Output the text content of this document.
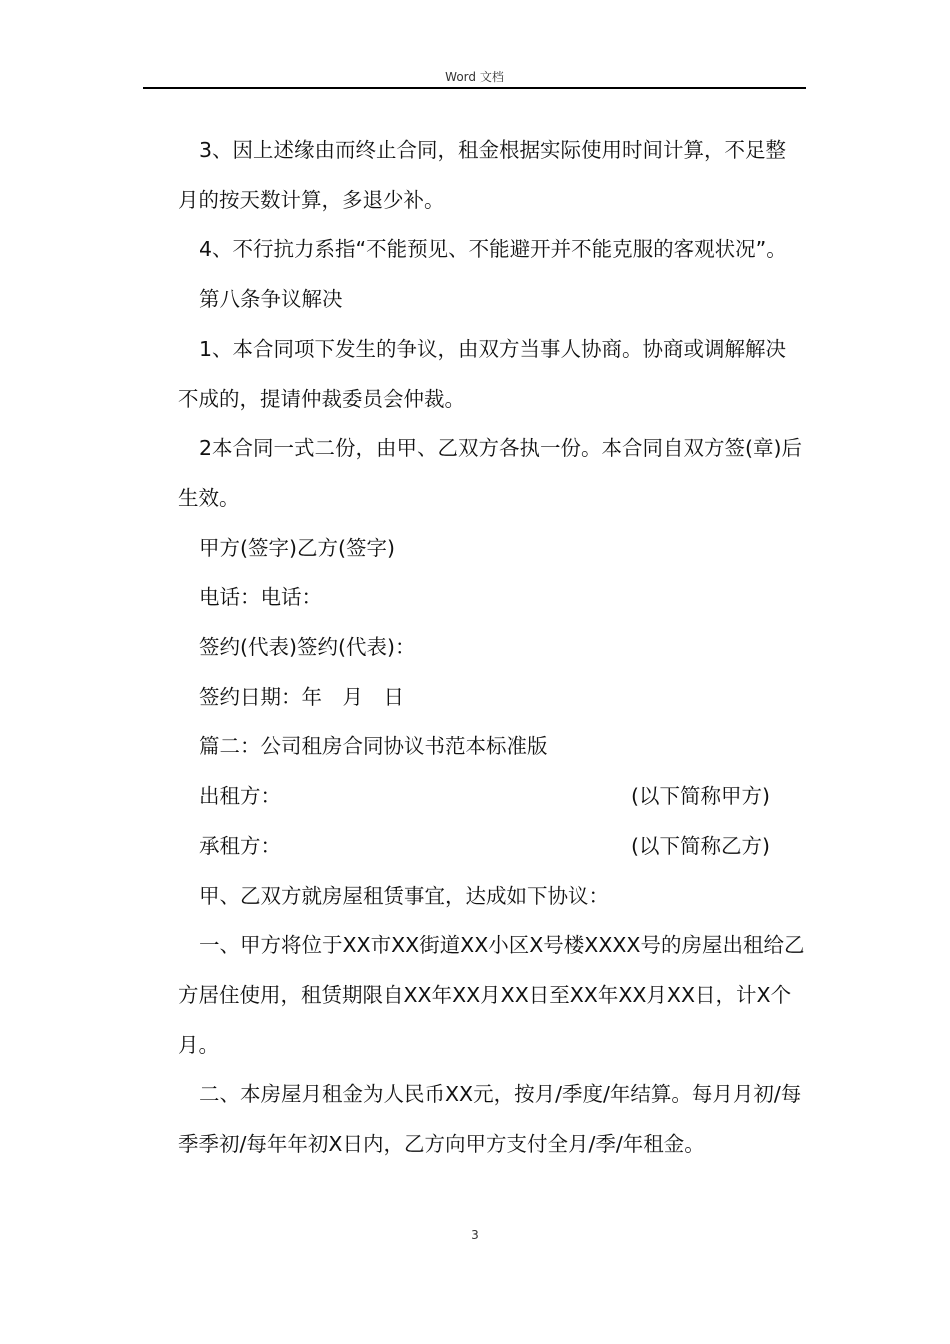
Word 文档

3、因上述缘由而终止合同，租金根据实际使用时间计算，不足整月的按天数计算，多退少补。

4、不行抗力系指“不能预见、不能避开并不能克服的客观状况”。

第八条争议解决

1、本合同项下发生的争议，由双方当事人协商。协商或调解解决不成的，提请仲裁委员会仲裁。

2本合同一式二份，由甲、乙双方各执一份。本合同自双方签(章)后生效。

甲方(签字)乙方(签字)

电话：电话：

签约(代表)签约(代表)：

签约日期：年　月　日

篇二：公司租房合同协议书范本标准版

出租方：	(以下简称甲方)
承租方：	(以下简称乙方)

甲、乙双方就房屋租赁事宜，达成如下协议：

一、甲方将位于XX市XX街道XX小区X号楼XXXX号的房屋出租给乙方居住使用，租赁期限自XX年XX月XX日至XX年XX月XX日，计X个月。

二、本房屋月租金为人民币XX元，按月/季度/年结算。每月月初/每季季初/每年年初X日内，乙方向甲方支付全月/季/年租金。

3
